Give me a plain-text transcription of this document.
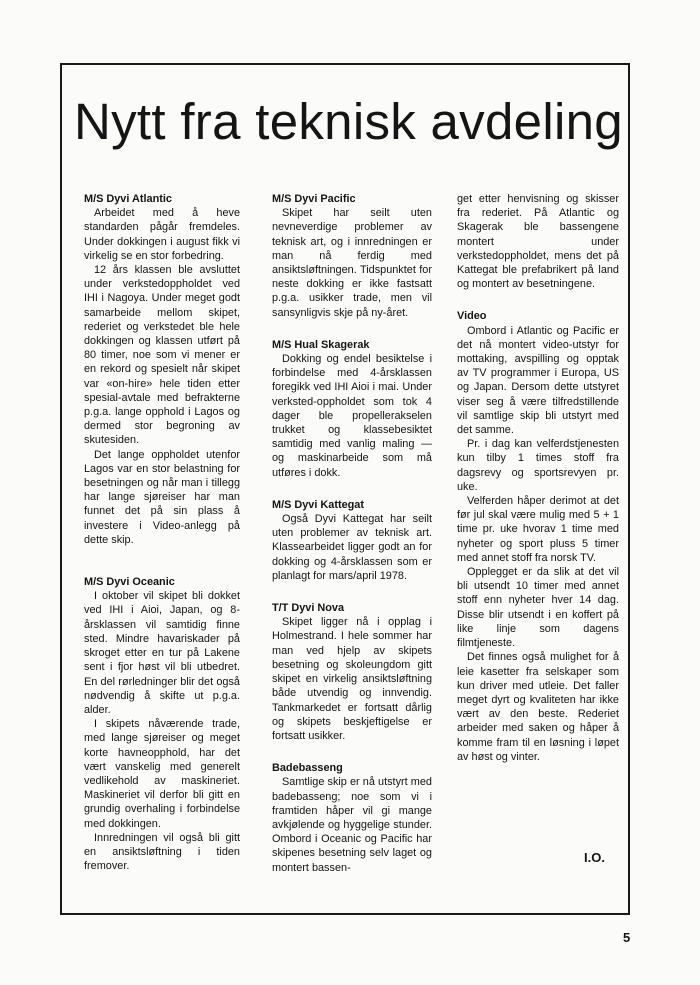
Nytt fra teknisk avdeling
M/S Dyvi Atlantic

Arbeidet med å heve standarden pågår fremdeles. Under dokkingen i august fikk vi virkelig se en stor forbedring.

12 års klassen ble avsluttet under verkstedoppholdet ved IHI i Nagoya. Under meget godt samarbeide mellom skipet, rederiet og verkstedet ble hele dokkingen og klassen utført på 80 timer, noe som vi mener er en rekord og spesielt når skipet var «on-hire» hele tiden etter spesial-avtale med befrakterne p.g.a. lange opphold i Lagos og dermed stor begroning av skutesiden.

Det lange oppholdet utenfor Lagos var en stor belastning for besetningen og når man i tillegg har lange sjøreiser har man funnet det på sin plass å investere i Video-anlegg på dette skip.

M/S Dyvi Oceanic

I oktober vil skipet bli dokket ved IHI i Aioi, Japan, og 8-årsklassen vil samtidig finne sted. Mindre havariskader på skroget etter en tur på Lakene sent i fjor høst vil bli utbedret. En del rørledninger blir det også nødvendig å skifte ut p.g.a. alder.

I skipets nåværende trade, med lange sjøreiser og meget korte havneopphold, har det vært vanskelig med generelt vedlikehold av maskineriet. Maskineriet vil derfor bli gitt en grundig overhaling i forbindelse med dokkingen.

Innredningen vil også bli gitt en ansiktsløftning i tiden fremover.

M/S Dyvi Pacific

Skipet har seilt uten nevneverdige problemer av teknisk art, og i innredningen er man nå ferdig med ansiktsløftningen. Tidspunktet for neste dokking er ikke fastsatt p.g.a. usikker trade, men vil sansynligvis skje på ny-året.

M/S Hual Skagerak

Dokking og endel besiktelse i forbindelse med 4-årsklassen foregikk ved IHI Aioi i mai. Under verksted-oppholdet som tok 4 dager ble propellerakselen trukket og klassebesiktet samtidig med vanlig maling — og maskinarbeide som må utføres i dokk.

M/S Dyvi Kattegat

Også Dyvi Kattegat har seilt uten problemer av teknisk art. Klassearbeidet ligger godt an for dokking og 4-årsklassen som er planlagt for mars/april 1978.

T/T Dyvi Nova

Skipet ligger nå i opplag i Holmestrand. I hele sommer har man ved hjelp av skipets besetning og skoleungdom gitt skipet en virkelig ansiktsløftning både utvendig og innvendig. Tankmarkedet er fortsatt dårlig og skipets beskjeftigelse er fortsatt usikker.

Badebasseng

Samtlige skip er nå utstyrt med badebasseng; noe som vi i framtiden håper vil gi mange avkjølende og hyggelige stunder. Ombord i Oceanic og Pacific har skipenes besetning selv laget og montert bassen-

get etter henvisning og skisser fra rederiet. På Atlantic og Skagerak ble bassengene montert under verkstedoppholdet, mens det på Kattegat ble prefabrikert på land og montert av besetningene.

Video

Ombord i Atlantic og Pacific er det nå montert video-utstyr for mottaking, avspilling og opptak av TV programmer i Europa, US og Japan. Dersom dette utstyret viser seg å være tilfredstillende vil samtlige skip bli utstyrt med det samme.

Pr. i dag kan velferdstjenesten kun tilby 1 times stoff fra dagsrevy og sportsrevyen pr. uke.

Velferden håper derimot at det før jul skal være mulig med 5 + 1 time pr. uke hvorav 1 time med nyheter og sport pluss 5 timer med annet stoff fra norsk TV.

Opplegget er da slik at det vil bli utsendt 10 timer med annet stoff enn nyheter hver 14 dag. Disse blir utsendt i en koffert på like linje som dagens filmtjeneste.

Det finnes også mulighet for å leie kasetter fra selskaper som kun driver med utleie. Det faller meget dyrt og kvaliteten har ikke vært av den beste. Rederiet arbeider med saken og håper å komme fram til en løsning i løpet av høst og vinter.

I.O.
5
